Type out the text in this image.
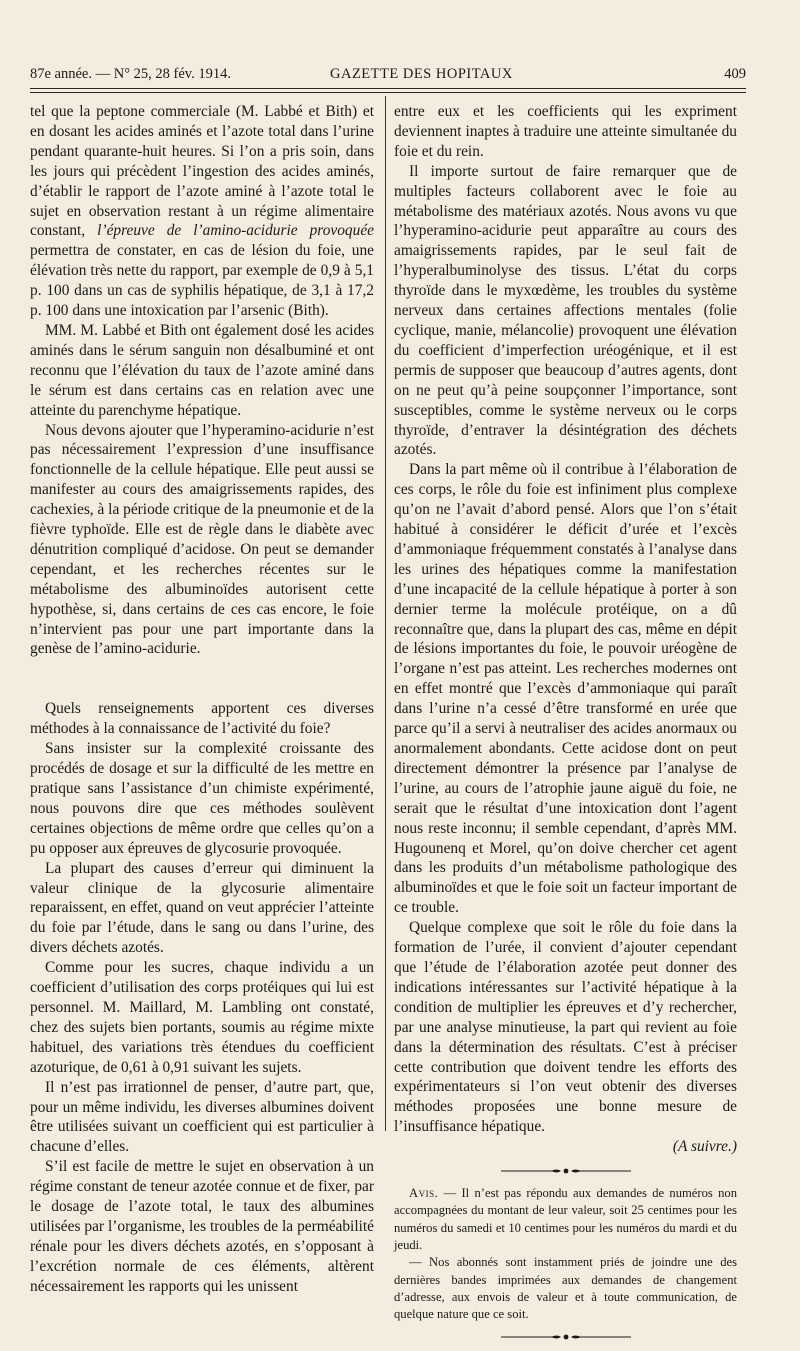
87e année. — N° 25, 28 fév. 1914.	GAZETTE DES HOPITAUX	409

tel que la peptone commerciale (M. Labbé et Bith) et en dosant les acides aminés et l’azote total dans l’urine pendant quarante-huit heures. Si l’on a pris soin, dans les jours qui précèdent l’ingestion des acides aminés, d’établir le rapport de l’azote aminé à l’azote total le sujet en observation restant à un régime alimentaire constant, l’épreuve de l’amino-acidurie provoquée permettra de constater, en cas de lésion du foie, une élévation très nette du rapport, par exemple de 0,9 à 5,1 p. 100 dans un cas de syphilis hépatique, de 3,1 à 17,2 p. 100 dans une intoxication par l’arsenic (Bith).

MM. M. Labbé et Bith ont également dosé les acides aminés dans le sérum sanguin non désalbuminé et ont reconnu que l’élévation du taux de l’azote aminé dans le sérum est dans certains cas en relation avec une atteinte du parenchyme hépatique.

Nous devons ajouter que l’hyperamino-acidurie n’est pas nécessairement l’expression d’une insuffisance fonctionnelle de la cellule hépatique. Elle peut aussi se manifester au cours des amaigrissements rapides, des cachexies, à la période critique de la pneumonie et de la fièvre typhoïde. Elle est de règle dans le diabète avec dénutrition compliqué d’acidose. On peut se demander cependant, et les recherches récentes sur le métabolisme des albuminoïdes autorisent cette hypothèse, si, dans certains de ces cas encore, le foie n’intervient pas pour une part importante dans la genèse de l’amino-acidurie.

Quels renseignements apportent ces diverses méthodes à la connaissance de l’activité du foie?

Sans insister sur la complexité croissante des procédés de dosage et sur la difficulté de les mettre en pratique sans l’assistance d’un chimiste expérimenté, nous pouvons dire que ces méthodes soulèvent certaines objections de même ordre que celles qu’on a pu opposer aux épreuves de glycosurie provoquée.

La plupart des causes d’erreur qui diminuent la valeur clinique de la glycosurie alimentaire reparaissent, en effet, quand on veut apprécier l’atteinte du foie par l’étude, dans le sang ou dans l’urine, des divers déchets azotés.

Comme pour les sucres, chaque individu a un coefficient d’utilisation des corps protéiques qui lui est personnel. M. Maillard, M. Lambling ont constaté, chez des sujets bien portants, soumis au régime mixte habituel, des variations très étendues du coefficient azoturique, de 0,61 à 0,91 suivant les sujets.

Il n’est pas irrationnel de penser, d’autre part, que, pour un même individu, les diverses albumines doivent être utilisées suivant un coefficient qui est particulier à chacune d’elles.

S’il est facile de mettre le sujet en observation à un régime constant de teneur azotée connue et de fixer, par le dosage de l’azote total, le taux des albumines utilisées par l’organisme, les troubles de la perméabilité rénale pour les divers déchets azotés, en s’opposant à l’excrétion normale de ces éléments, altèrent nécessairement les rapports qui les unissent

entre eux et les coefficients qui les expriment deviennent inaptes à traduire une atteinte simultanée du foie et du rein.

Il importe surtout de faire remarquer que de multiples facteurs collaborent avec le foie au métabolisme des matériaux azotés. Nous avons vu que l’hyperamino-acidurie peut apparaître au cours des amaigrissements rapides, par le seul fait de l’hyperalbuminolyse des tissus. L’état du corps thyroïde dans le myxœdème, les troubles du système nerveux dans certaines affections mentales (folie cyclique, manie, mélancolie) provoquent une élévation du coefficient d’imperfection uréogénique, et il est permis de supposer que beaucoup d’autres agents, dont on ne peut qu’à peine soupçonner l’importance, sont susceptibles, comme le système nerveux ou le corps thyroïde, d’entraver la désintégration des déchets azotés.

Dans la part même où il contribue à l’élaboration de ces corps, le rôle du foie est infiniment plus complexe qu’on ne l’avait d’abord pensé. Alors que l’on s’était habitué à considérer le déficit d’urée et l’excès d’ammoniaque fréquemment constatés à l’analyse dans les urines des hépatiques comme la manifestation d’une incapacité de la cellule hépatique à porter à son dernier terme la molécule protéique, on a dû reconnaître que, dans la plupart des cas, même en dépit de lésions importantes du foie, le pouvoir uréogène de l’organe n’est pas atteint. Les recherches modernes ont en effet montré que l’excès d’ammoniaque qui paraît dans l’urine n’a cessé d’être transformé en urée que parce qu’il a servi à neutraliser des acides anormaux ou anormalement abondants. Cette acidose dont on peut directement démontrer la présence par l’analyse de l’urine, au cours de l’atrophie jaune aiguë du foie, ne serait que le résultat d’une intoxication dont l’agent nous reste inconnu; il semble cependant, d’après MM. Hugounenq et Morel, qu’on doive chercher cet agent dans les produits d’un métabolisme pathologique des albuminoïdes et que le foie soit un facteur important de ce trouble.

Quelque complexe que soit le rôle du foie dans la formation de l’urée, il convient d’ajouter cependant que l’étude de l’élaboration azotée peut donner des indications intéressantes sur l’activité hépatique à la condition de multiplier les épreuves et d’y rechercher, par une analyse minutieuse, la part qui revient au foie dans la détermination des résultats. C’est à préciser cette contribution que doivent tendre les efforts des expérimentateurs si l’on veut obtenir des diverses méthodes proposées une bonne mesure de l’insuffisance hépatique.

(A suivre.)

Avis. — Il n’est pas répondu aux demandes de numéros non accompagnées du montant de leur valeur, soit 25 centimes pour les numéros du samedi et 10 centimes pour les numéros du mardi et du jeudi.

— Nos abonnés sont instamment priés de joindre une des dernières bandes imprimées aux demandes de changement d’adresse, aux envois de valeur et à toute communication, de quelque nature que ce soit.
